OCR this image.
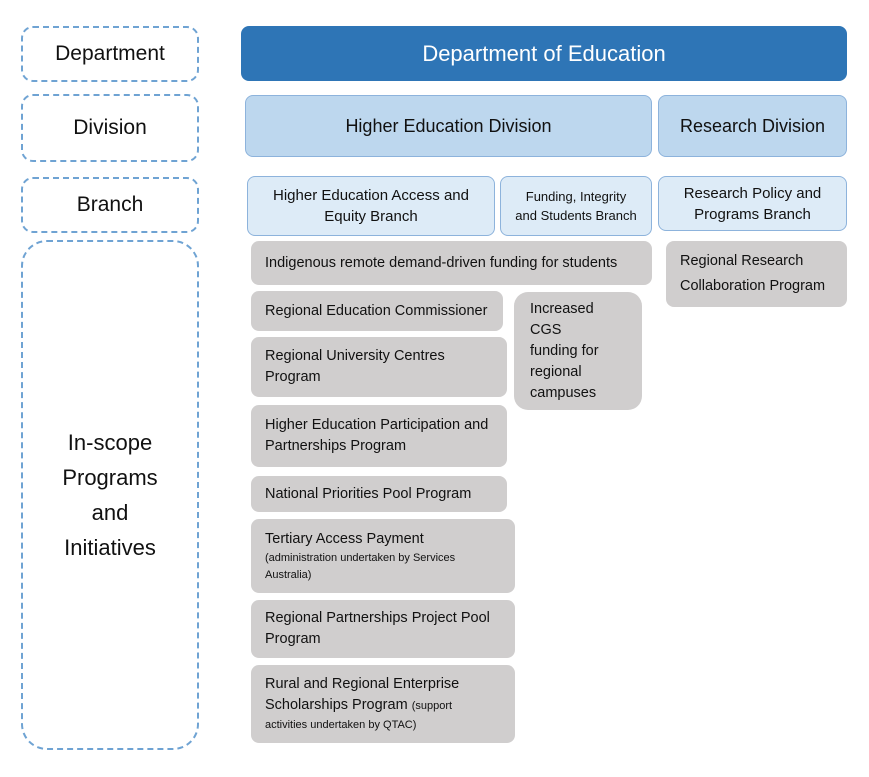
Department
Division
Branch
In-scope
Programs
and
Initiatives
Department of Education
Higher Education Division	Research Division
Higher Education Access and
Equity Branch
Funding, Integrity
and Students Branch
Research Policy and
Programs Branch
Indigenous remote demand-driven funding for students
Regional Education Commissioner
Regional University Centres
Program
Higher Education Participation and
Partnerships Program
National Priorities Pool Program
Tertiary Access Payment
(administration undertaken by Services
Australia)
Regional Partnerships Project Pool
Program
Rural and Regional Enterprise
Scholarships Program (support
activities undertaken by QTAC)
Increased CGS
funding for
regional
campuses
Regional Research
Collaboration Program
